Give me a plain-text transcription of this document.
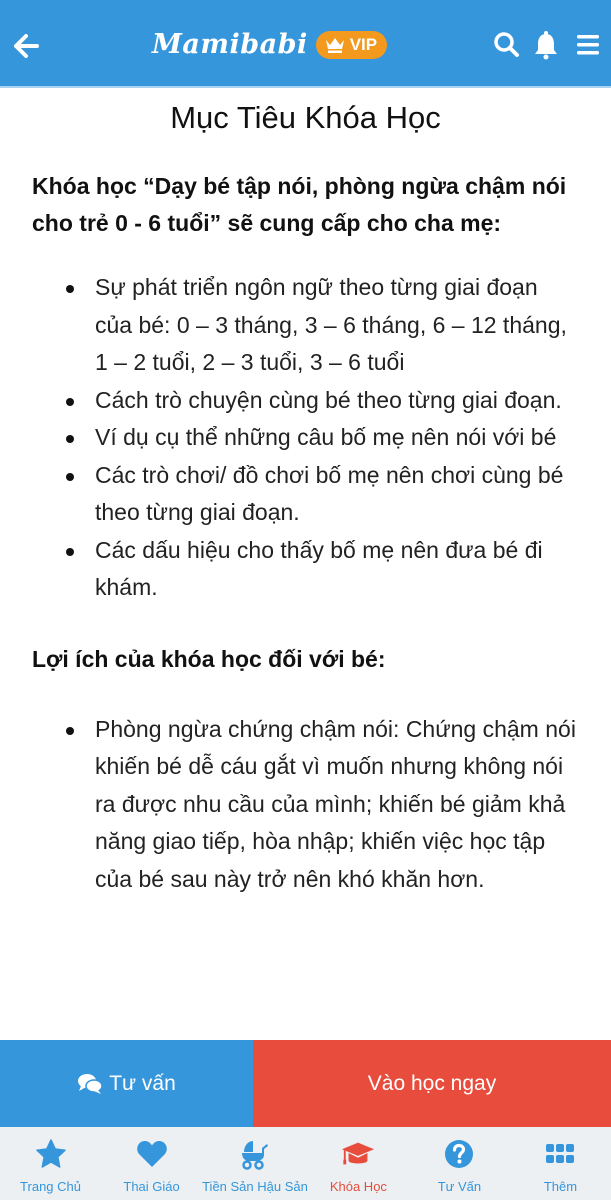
Mamibabi VIP
Mục Tiêu Khóa Học

Khóa học “Dạy bé tập nói, phòng ngừa chậm nói cho trẻ 0 - 6 tuổi” sẽ cung cấp cho cha mẹ:

Sự phát triển ngôn ngữ theo từng giai đoạn của bé: 0 – 3 tháng, 3 – 6 tháng, 6 – 12 tháng, 1 – 2 tuổi, 2 – 3 tuổi, 3 – 6 tuổi
Cách trò chuyện cùng bé theo từng giai đoạn.
Ví dụ cụ thể những câu bố mẹ nên nói với bé
Các trò chơi/ đồ chơi bố mẹ nên chơi cùng bé theo từng giai đoạn.
Các dấu hiệu cho thấy bố mẹ nên đưa bé đi khám.

Lợi ích của khóa học đối với bé:

Phòng ngừa chứng chậm nói: Chứng chậm nói khiến bé dễ cáu gắt vì muốn nhưng không nói ra được nhu cầu của mình; khiến bé giảm khả năng giao tiếp, hòa nhập; khiến việc học tập của bé sau này trở nên khó khăn hơn.
Tư vấn	Vào học ngay
Trang Chủ	Thai Giáo Tiền Sản Hậu Sản Khóa Học	Tư Vấn	Thêm
